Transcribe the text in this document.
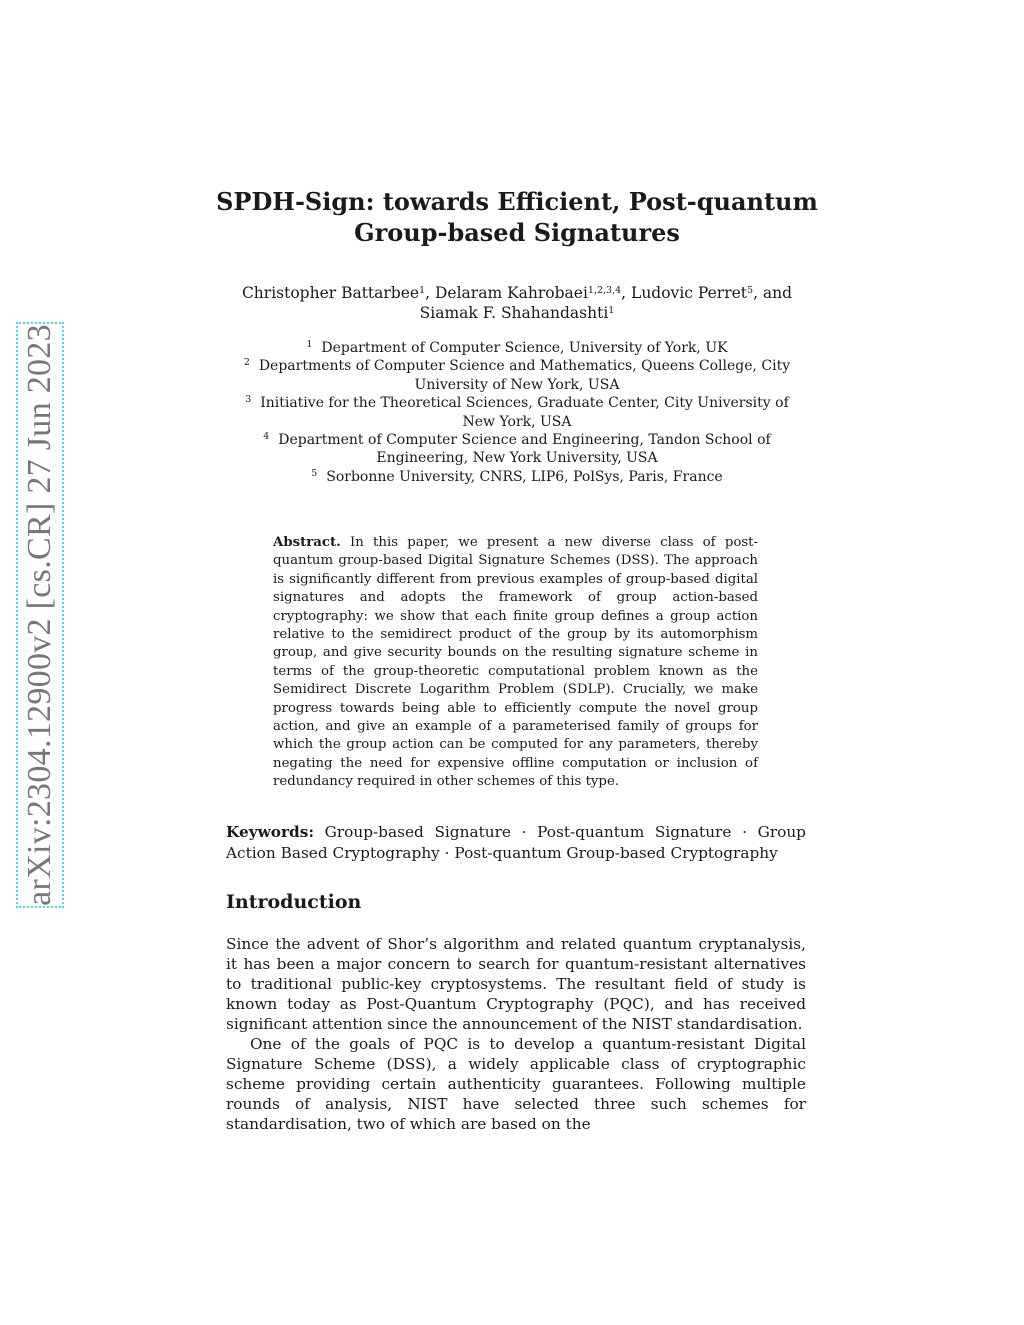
arXiv:2304.12900v2 [cs.CR] 27 Jun 2023
SPDH-Sign: towards Efficient, Post-quantum
Group-based Signatures
Christopher Battarbee$^1$, Delaram Kahrobaei$^{1,2,3,4}$, Ludovic Perret$^5$, and
Siamak F. Shahandashti$^1$
$^1$ Department of Computer Science, University of York, UK
$^2$ Departments of Computer Science and Mathematics, Queens College, City University of New York, USA
$^3$ Initiative for the Theoretical Sciences, Graduate Center, City University of New York, USA
$^4$ Department of Computer Science and Engineering, Tandon School of Engineering, New York University, USA
$^5$ Sorbonne University, CNRS, LIP6, PolSys, Paris, France
Abstract. In this paper, we present a new diverse class of post-quantum group-based Digital Signature Schemes (DSS). The approach is significantly different from previous examples of group-based digital signatures and adopts the framework of group action-based cryptography: we show that each finite group defines a group action relative to the semidirect product of the group by its automorphism group, and give security bounds on the resulting signature scheme in terms of the group-theoretic computational problem known as the Semidirect Discrete Logarithm Problem (SDLP). Crucially, we make progress towards being able to efficiently compute the novel group action, and give an example of a parameterised family of groups for which the group action can be computed for any parameters, thereby negating the need for expensive offline computation or inclusion of redundancy required in other schemes of this type.
Keywords: Group-based Signature · Post-quantum Signature · Group Action Based Cryptography · Post-quantum Group-based Cryptography
Introduction

Since the advent of Shor’s algorithm and related quantum cryptanalysis, it has been a major concern to search for quantum-resistant alternatives to traditional public-key cryptosystems. The resultant field of study is known today as Post-Quantum Cryptography (PQC), and has received significant attention since the announcement of the NIST standardisation.

One of the goals of PQC is to develop a quantum-resistant Digital Signature Scheme (DSS), a widely applicable class of cryptographic scheme providing certain authenticity guarantees. Following multiple rounds of analysis, NIST have selected three such schemes for standardisation, two of which are based on the
